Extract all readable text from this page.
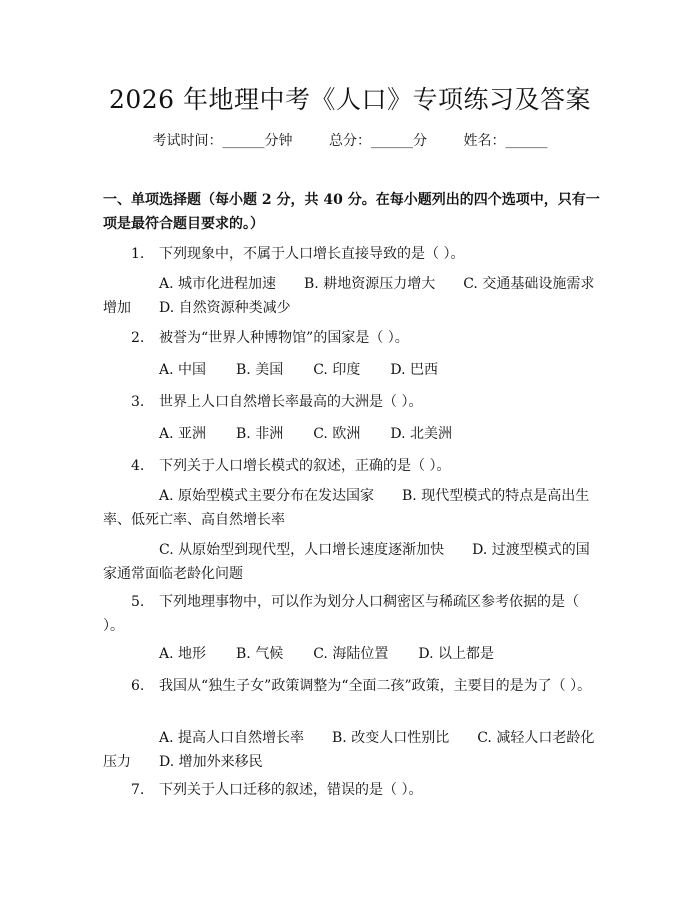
2026 年地理中考《人口》专项练习及答案
考试时间：______分钟	总分：______分	姓名：______
一、单项选择题（每小题 2 分，共 40 分。在每小题列出的四个选项中，只有一项是最符合题目要求的。）
1. 下列现象中，不属于人口增长直接导致的是（ ）。
A. 城市化进程加速 B. 耕地资源压力增大 C. 交通基础设施需求增加 D. 自然资源种类减少
2. 被誉为“世界人种博物馆”的国家是（ ）。
A. 中国 B. 美国 C. 印度 D. 巴西
3. 世界上人口自然增长率最高的大洲是（ ）。
A. 亚洲 B. 非洲 C. 欧洲 D. 北美洲
4. 下列关于人口增长模式的叙述，正确的是（ ）。
A. 原始型模式主要分布在发达国家 B. 现代型模式的特点是高出生率、低死亡率、高自然增长率
C. 从原始型到现代型，人口增长速度逐渐加快 D. 过渡型模式的国家通常面临老龄化问题
5. 下列地理事物中，可以作为划分人口稠密区与稀疏区参考依据的是（ ）。
A. 地形 B. 气候 C. 海陆位置 D. 以上都是
6. 我国从“独生子女”政策调整为“全面二孩”政策，主要目的是为了（ ）。
A. 提高人口自然增长率 B. 改变人口性别比 C. 减轻人口老龄化压力 D. 增加外来移民
7. 下列关于人口迁移的叙述，错误的是（ ）。
